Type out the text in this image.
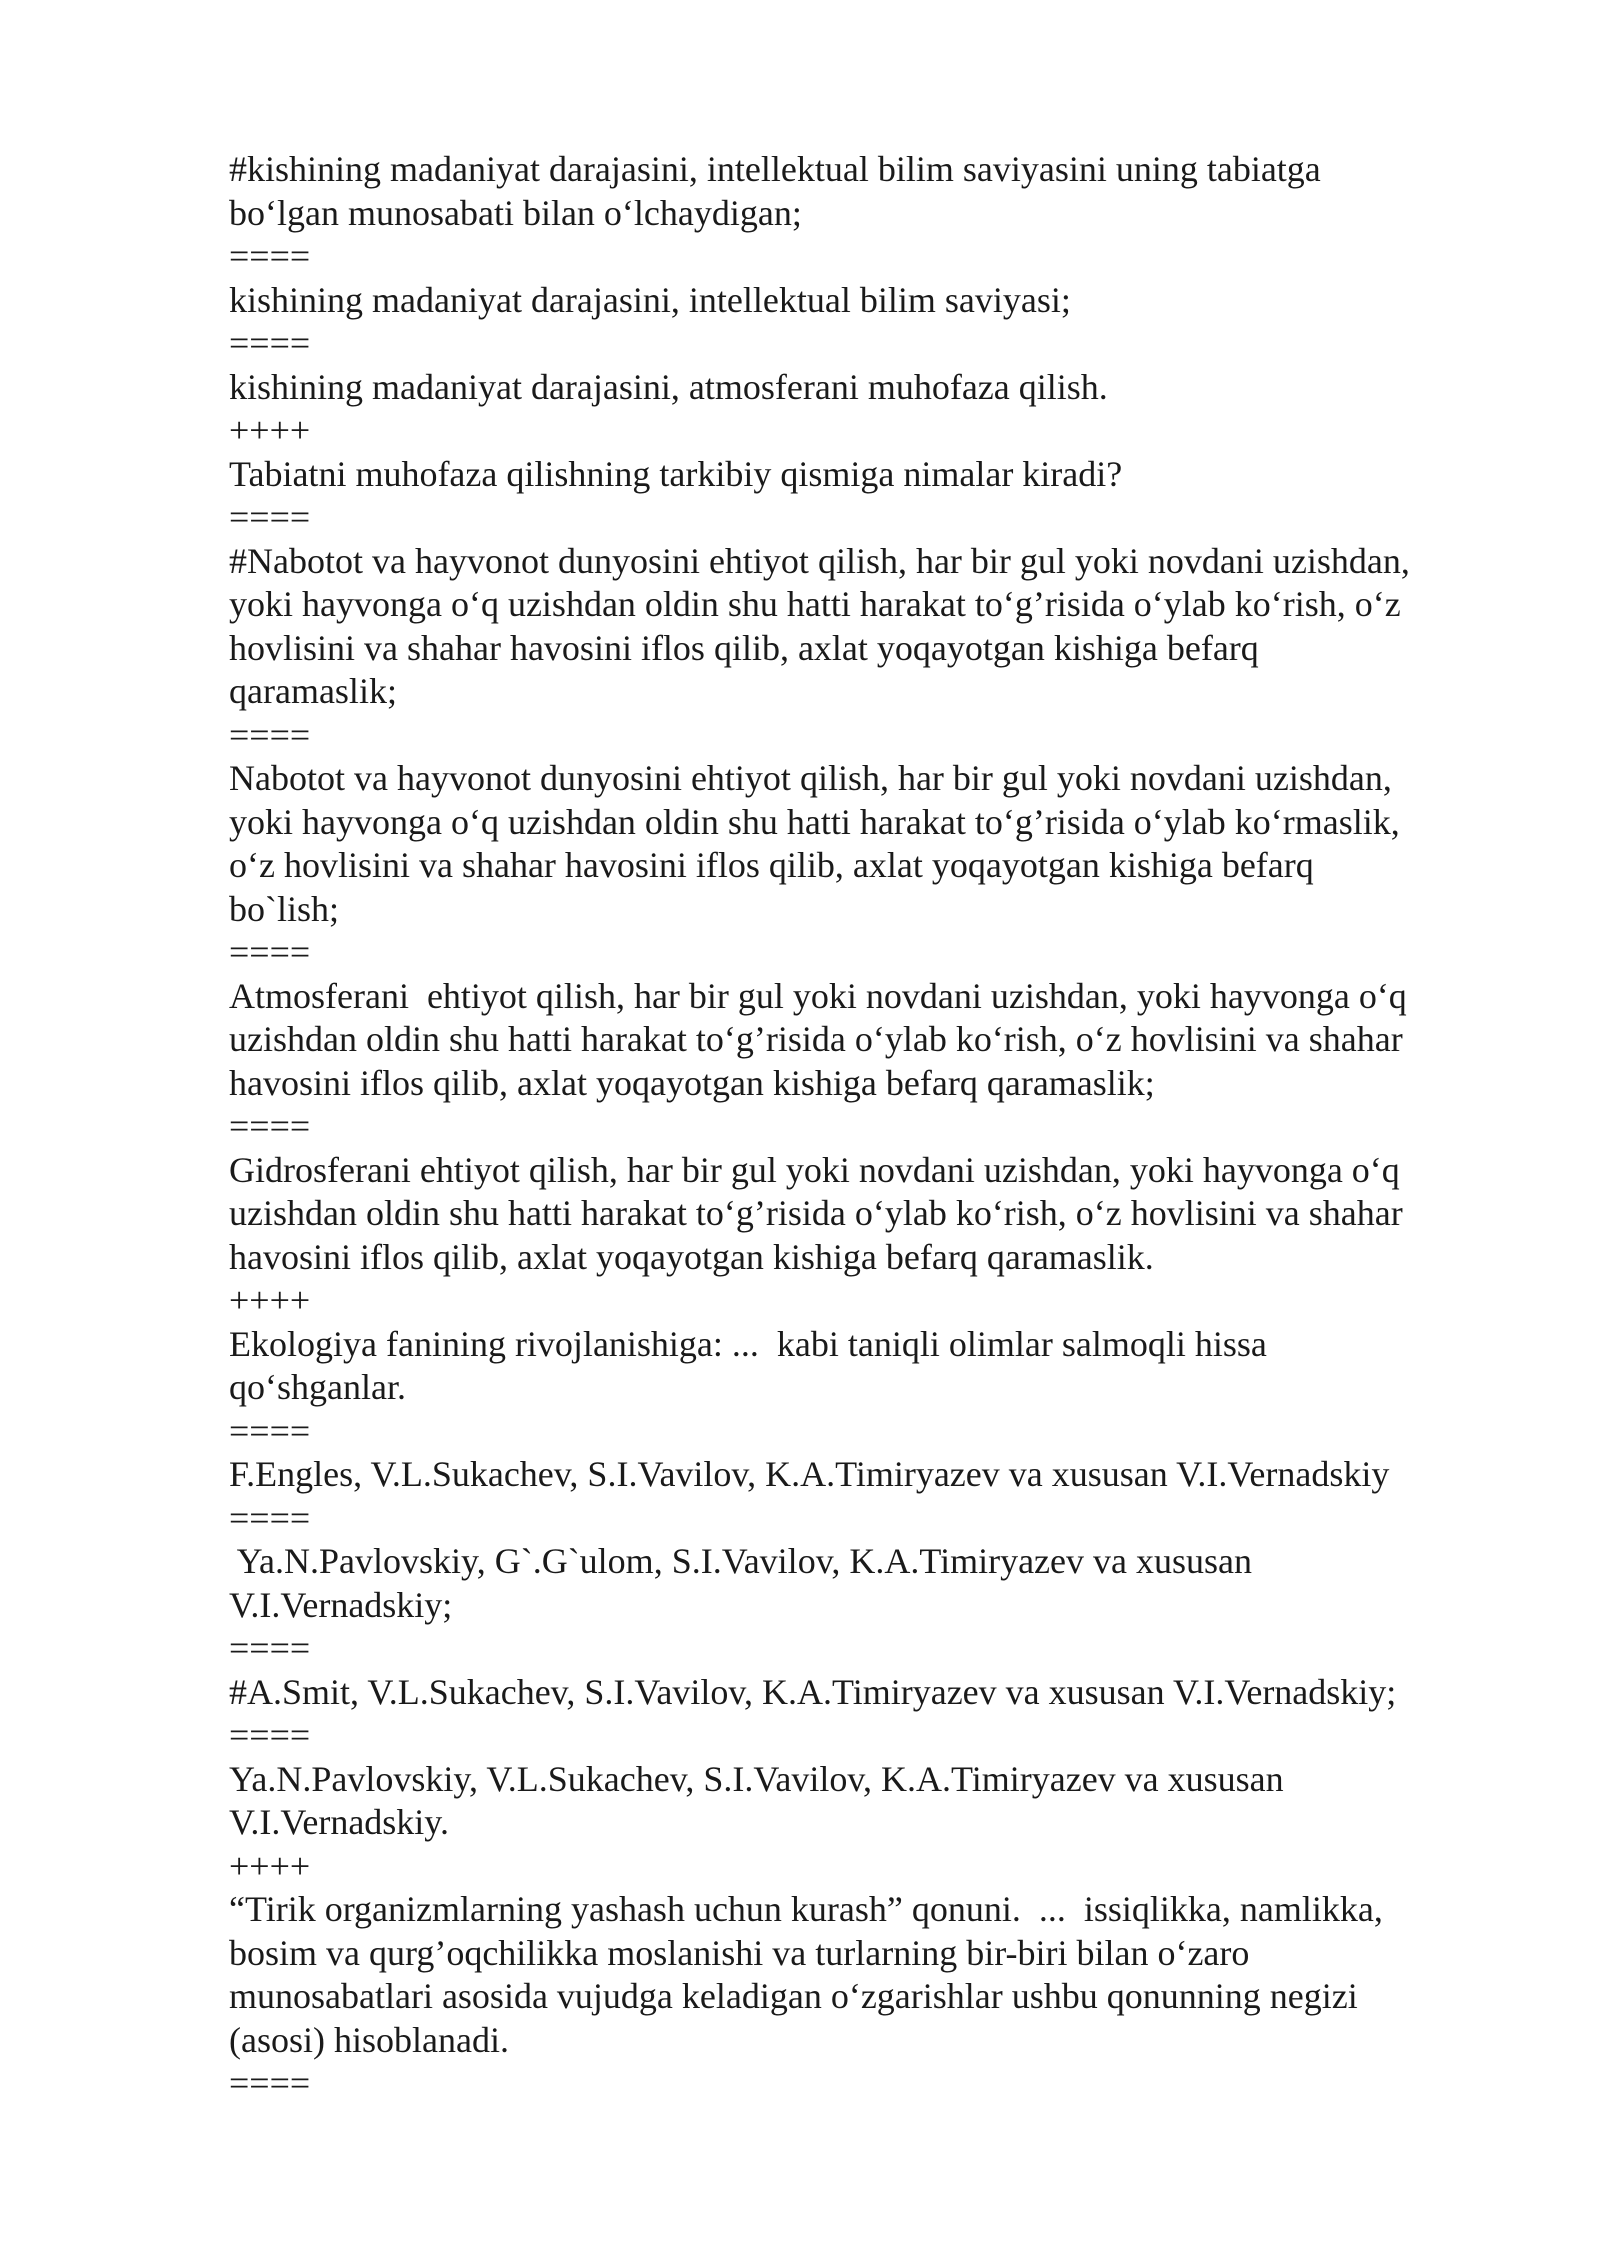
#kishining madaniyat darajasini, intellektual bilim saviyasini uning tabiatga
bo‘lgan munosabati bilan o‘lchaydigan;
====
kishining madaniyat darajasini, intellektual bilim saviyasi;
====
kishining madaniyat darajasini, atmosferani muhofaza qilish.
++++
Tabiatni muhofaza qilishning tarkibiy qismiga nimalar kiradi?
====
#Nabotot va hayvonot dunyosini ehtiyot qilish, har bir gul yoki novdani uzishdan,
yoki hayvonga o‘q uzishdan oldin shu hatti harakat to‘g’risida o‘ylab ko‘rish, o‘z
hovlisini va shahar havosini iflos qilib, axlat yoqayotgan kishiga befarq
qaramaslik;
====
Nabotot va hayvonot dunyosini ehtiyot qilish, har bir gul yoki novdani uzishdan,
yoki hayvonga o‘q uzishdan oldin shu hatti harakat to‘g’risida o‘ylab ko‘rmaslik,
o‘z hovlisini va shahar havosini iflos qilib, axlat yoqayotgan kishiga befarq
bo`lish;
====
Atmosferani  ehtiyot qilish, har bir gul yoki novdani uzishdan, yoki hayvonga o‘q
uzishdan oldin shu hatti harakat to‘g’risida o‘ylab ko‘rish, o‘z hovlisini va shahar
havosini iflos qilib, axlat yoqayotgan kishiga befarq qaramaslik;
====
Gidrosferani ehtiyot qilish, har bir gul yoki novdani uzishdan, yoki hayvonga o‘q
uzishdan oldin shu hatti harakat to‘g’risida o‘ylab ko‘rish, o‘z hovlisini va shahar
havosini iflos qilib, axlat yoqayotgan kishiga befarq qaramaslik.
++++
Ekologiya fanining rivojlanishiga: ...  kabi taniqli olimlar salmoqli hissa
qo‘shganlar.
====
F.Engles, V.L.Sukachev, S.I.Vavilov, K.A.Timiryazev va xususan V.I.Vernadskiy
====
Ya.N.Pavlovskiy, G`.G`ulom, S.I.Vavilov, K.A.Timiryazev va xususan
V.I.Vernadskiy;
====
#A.Smit, V.L.Sukachev, S.I.Vavilov, K.A.Timiryazev va xususan V.I.Vernadskiy;
====
Ya.N.Pavlovskiy, V.L.Sukachev, S.I.Vavilov, K.A.Timiryazev va xususan
V.I.Vernadskiy.
++++
“Tirik organizmlarning yashash uchun kurash” qonuni.  ...  issiqlikka, namlikka,
bosim va qurg’oqchilikka moslanishi va turlarning bir-biri bilan o‘zaro
munosabatlari asosida vujudga keladigan o‘zgarishlar ushbu qonunning negizi
(asosi) hisoblanadi.
====
